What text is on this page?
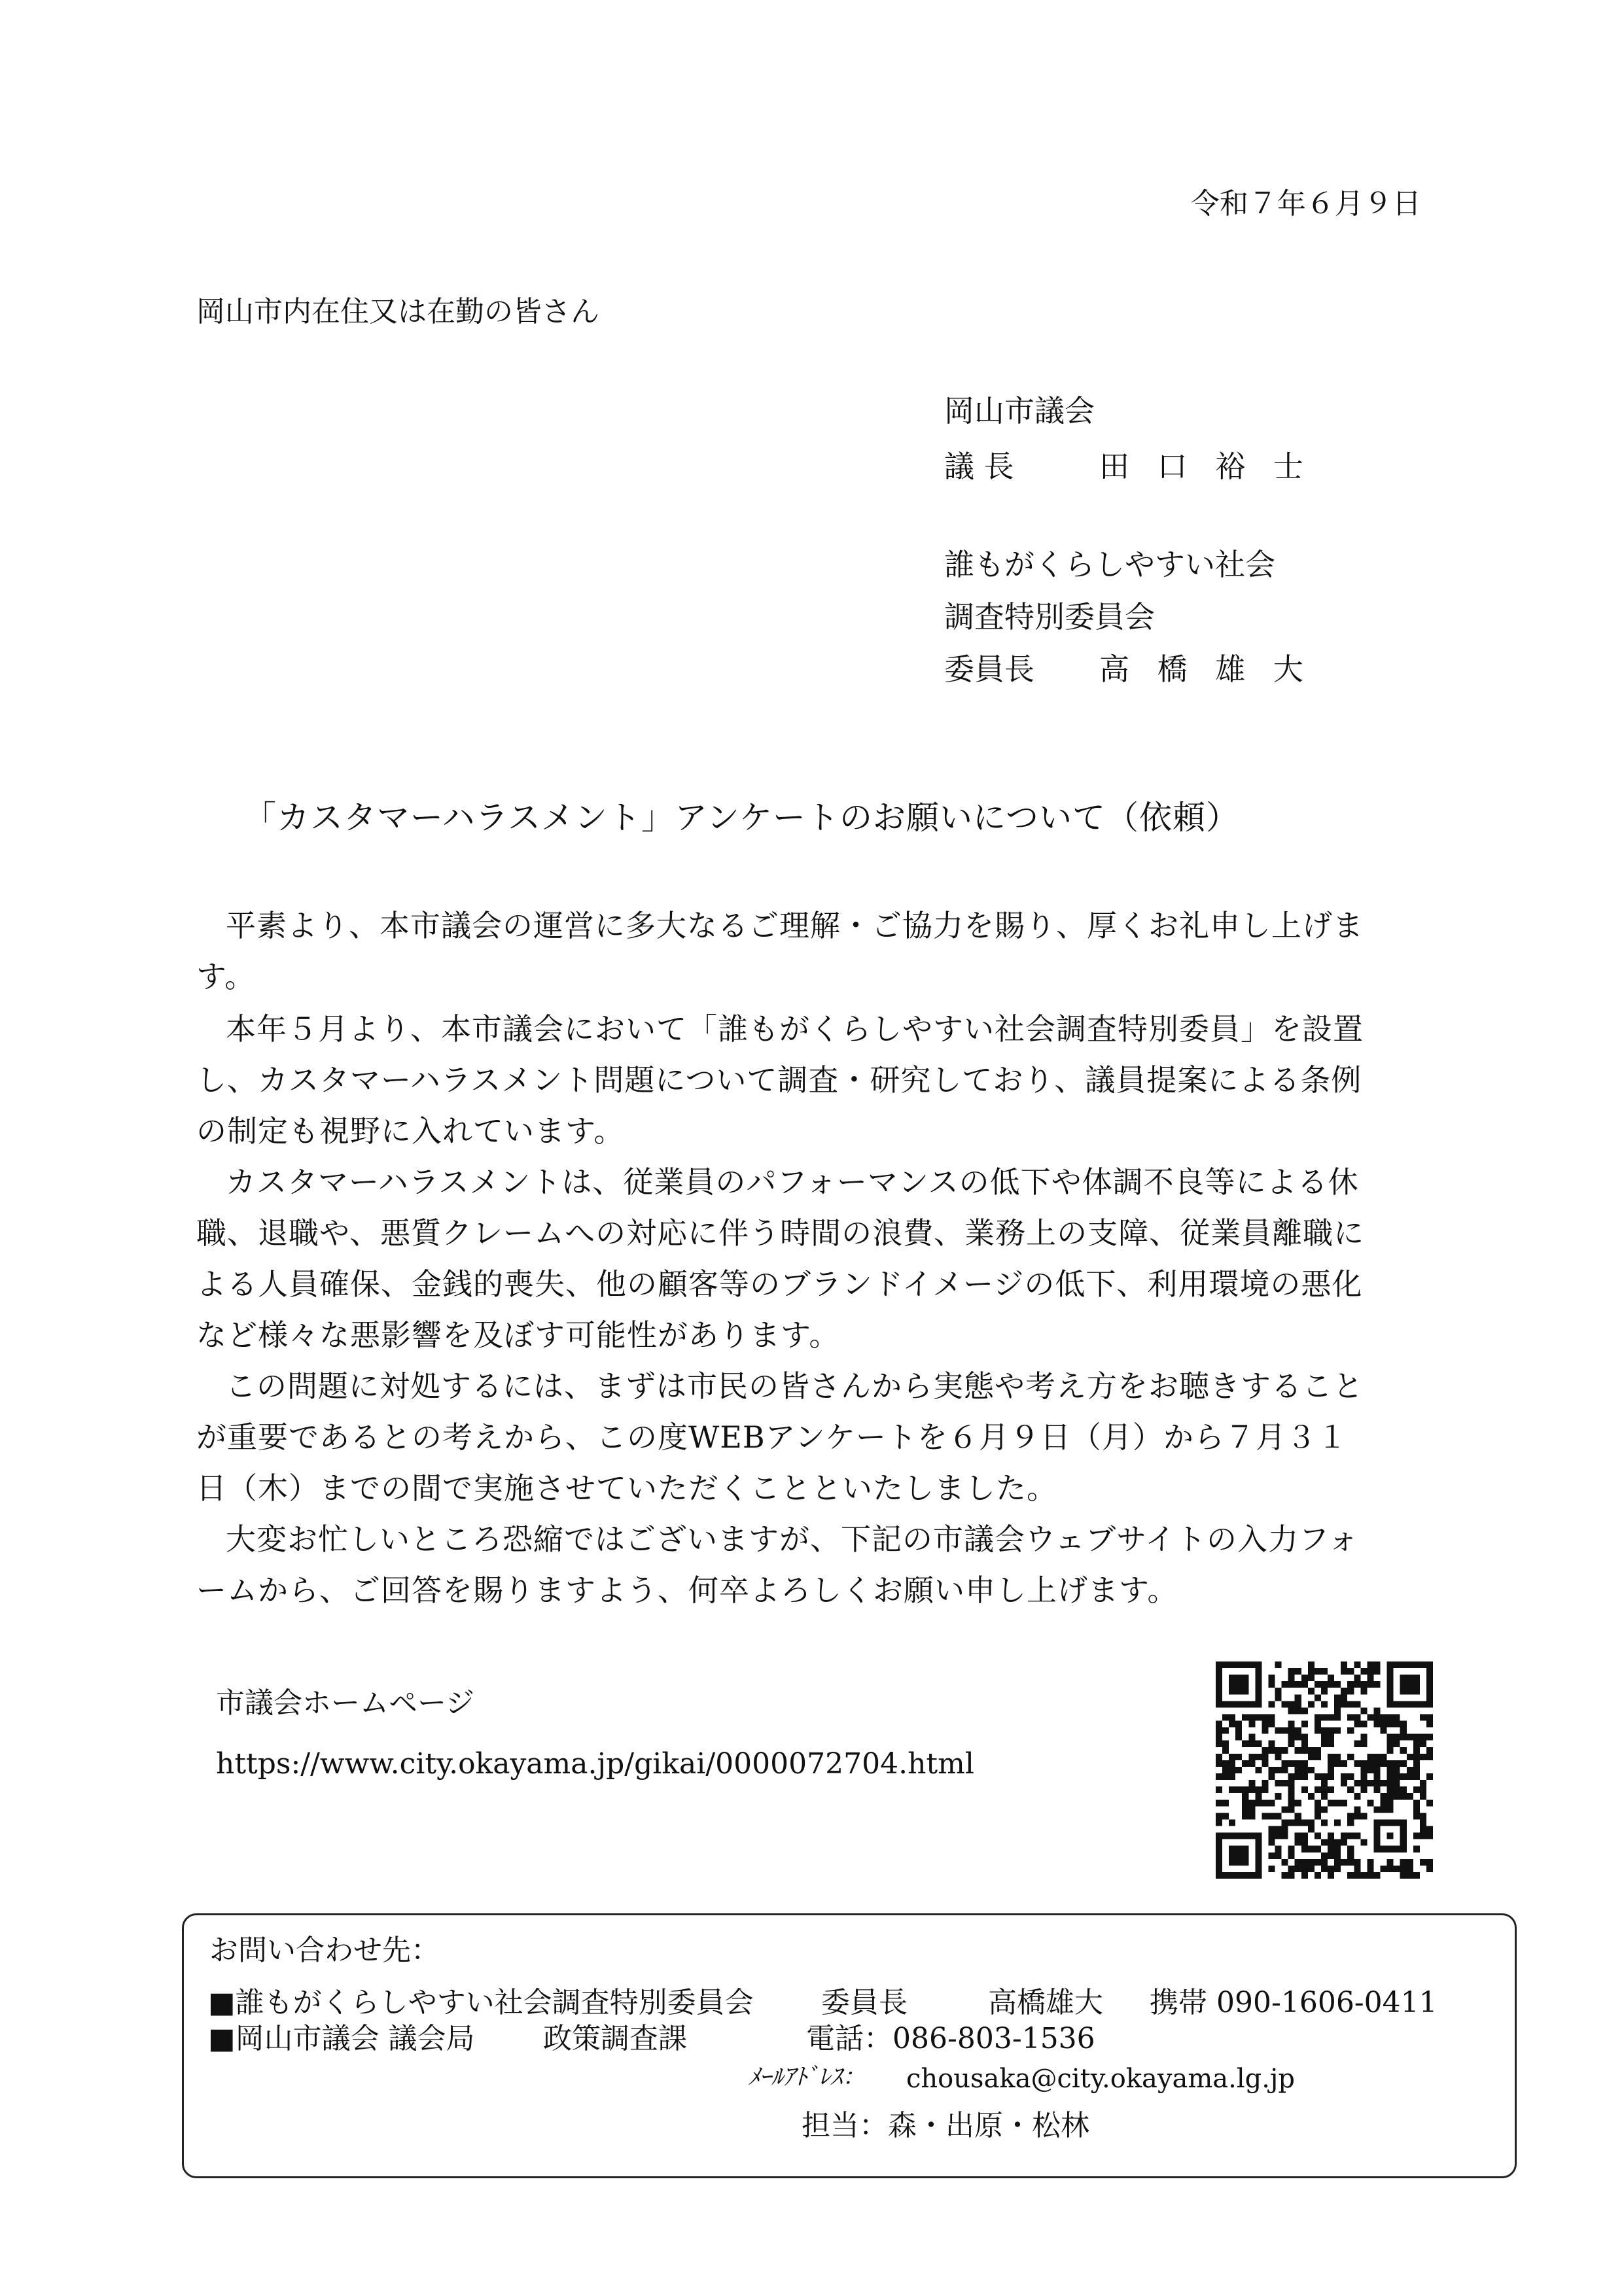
令和７年６月９日
岡山市内在住又は在勤の皆さん
岡山市議会
議 長	田 口 裕 士
誰もがくらしやすい社会
調査特別委員会
委員長 高 橋 雄 大
「カスタマーハラスメント」アンケートのお願いについて（依頼）
平素より、本市議会の運営に多大なるご理解・ご協力を賜り、厚くお礼申し上げま
す。
本年５月より、本市議会において「誰もがくらしやすい社会調査特別委員」を設置
し、カスタマーハラスメント問題について調査・研究しており、議員提案による条例
の制定も視野に入れています。
カスタマーハラスメントは、従業員のパフォーマンスの低下や体調不良等による休
職、退職や、悪質クレームへの対応に伴う時間の浪費、業務上の支障、従業員離職に
よる人員確保、金銭的喪失、他の顧客等のブランドイメージの低下、利用環境の悪化
など様々な悪影響を及ぼす可能性があります。
この問題に対処するには、まずは市民の皆さんから実態や考え方をお聴きすること
が重要であるとの考えから、この度WEBアンケートを６月９日（月）から７月３１
日（木）までの間で実施させていただくことといたしました。
大変お忙しいところ恐縮ではございますが、下記の市議会ウェブサイトの入力フォ
ームから、ご回答を賜りますよう、何卒よろしくお願い申し上げます。
市議会ホームページ
https://www.city.okayama.jp/gikai/0000072704.html
お問い合わせ先：
■誰もがくらしやすい社会調査特別委員会 委員長	高橋雄大 携帯 090-1606-0411
■岡山市議会 議会局 政策調査課	電話：086-803-1536
ﾒｰﾙｱﾄﾞﾚｽ： chousaka@city.okayama.lg.jp
担当：森・出原・松林
